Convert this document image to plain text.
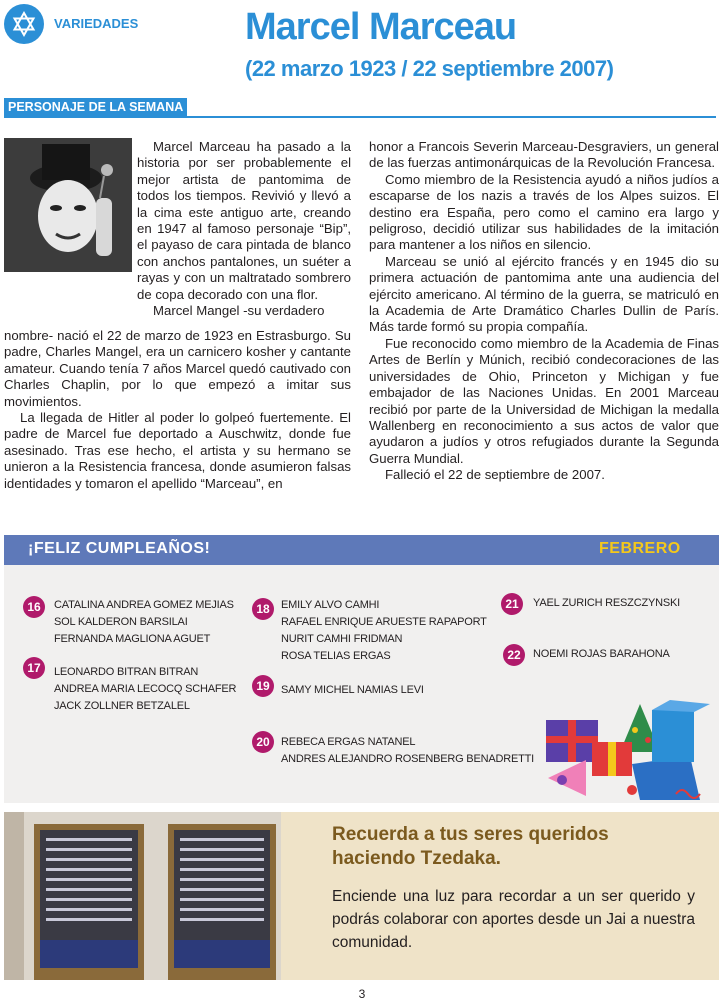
VARIEDADES	Marcel Marceau
(22 marzo 1923 / 22 septiembre 2007)
PERSONAJE DE LA SEMANA

Marcel Marceau ha pasado a la historia por ser probablemente el mejor artista de pantomima de todos los tiempos. Revivió y llevó a la cima este antiguo arte, creando en 1947 al famoso personaje “Bip”, el payaso de cara pintada de blanco con anchos pantalones, un suéter a rayas y con un maltratado sombrero de copa decorado con una flor.

Marcel Mangel -su verdadero

nombre- nació el 22 de marzo de 1923 en Estrasburgo. Su padre, Charles Mangel, era un carnicero kosher y cantante amateur. Cuando tenía 7 años Marcel quedó cautivado con Charles Chaplin, por lo que empezó a imitar sus movimientos.

La llegada de Hitler al poder lo golpeó fuertemente. El padre de Marcel fue deportado a Auschwitz, donde fue asesinado. Tras ese hecho, el artista y su hermano se unieron a la Resistencia francesa, donde asumieron falsas identidades y tomaron el apellido “Marceau”, en

honor a Francois Severin Marceau-Desgraviers, un general de las fuerzas antimonárquicas de la Revolución Francesa.

Como miembro de la Resistencia ayudó a niños judíos a escaparse de los nazis a través de los Alpes suizos. El destino era España, pero como el camino era largo y peligroso, decidió utilizar sus habilidades de la imitación para mantener a los niños en silencio.

Marceau se unió al ejército francés y en 1945 dio su primera actuación de pantomima ante una audiencia del ejército americano. Al término de la guerra, se matriculó en la Academia de Arte Dramático Charles Dullin de París. Más tarde formó su propia compañía.

Fue reconocido como miembro de la Academia de Finas Artes de Berlín y Múnich, recibió condecoraciones de las universidades de Ohio, Princeton y Michigan y fue embajador de las Naciones Unidas. En 2001 Marceau recibió por parte de la Universidad de Michigan la medalla Wallenberg en reconocimiento a sus actos de valor que ayudaron a judíos y otros refugiados durante la Segunda Guerra Mundial.

Falleció el 22 de septiembre de 2007.

¡FELIZ CUMPLEAÑOS!	FEBRERO
16	CATALINA ANDREA GOMEZ MEJIAS
SOL KALDERON BARSILAI
FERNANDA MAGLIONA AGUET
17	LEONARDO BITRAN BITRAN
ANDREA MARIA LECOCQ SCHAFER
JACK ZOLLNER BETZALEL
18	EMILY ALVO CAMHI
RAFAEL ENRIQUE ARUESTE RAPAPORT
NURIT CAMHI FRIDMAN
ROSA TELIAS ERGAS
19	SAMY MICHEL NAMIAS LEVI
20	REBECA ERGAS NATANEL
ANDRES ALEJANDRO ROSENBERG BENADRETTI
21	YAEL ZURICH RESZCZYNSKI
22	NOEMI ROJAS BARAHONA
Recuerda a tus seres queridos
haciendo Tzedaka.
Enciende una luz para recordar a un ser querido y podrás colaborar con aportes desde un Jai a nuestra comunidad.
3
